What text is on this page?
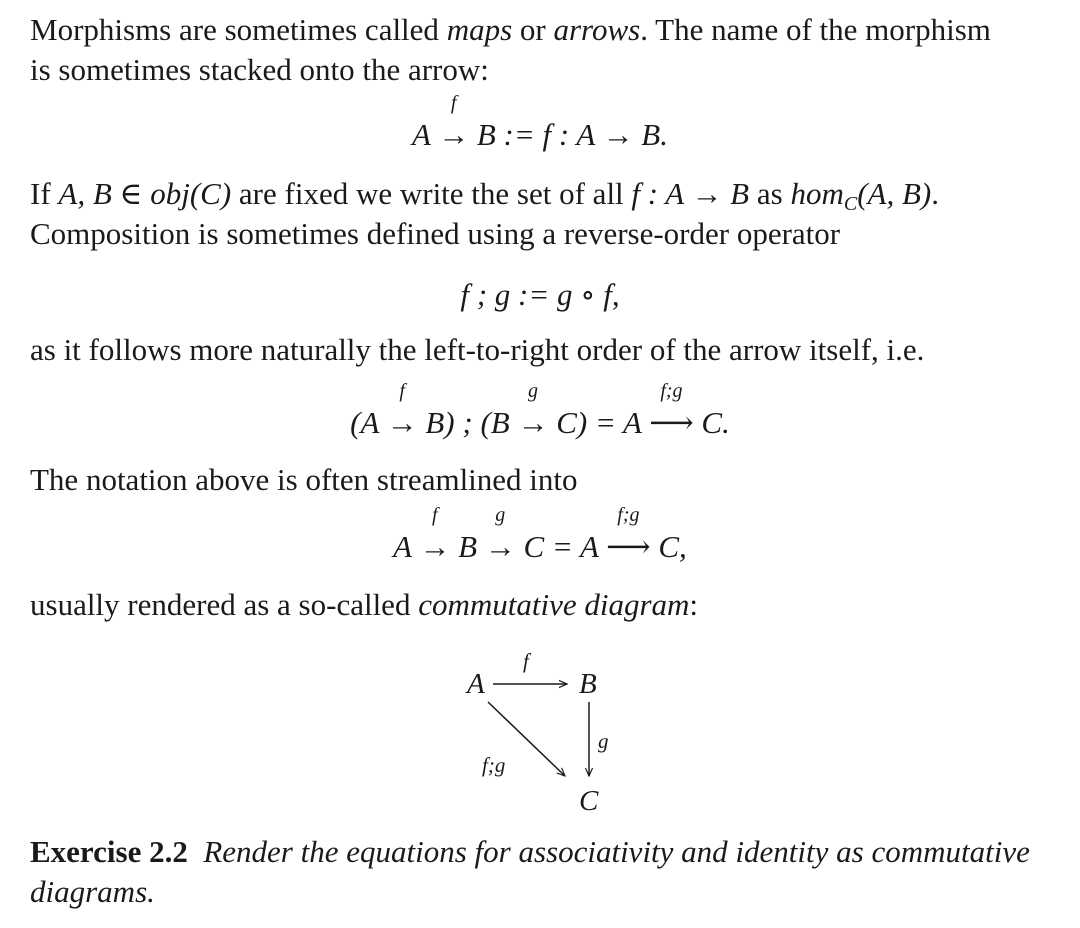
Morphisms are sometimes called maps or arrows. The name of the morphism
is sometimes stacked onto the arrow:
A
f
→ B := f : A → B.
If A, B ∈ obj(C) are fixed we write the set of all f : A → B as hom$_C$(A, B).
Composition is sometimes defined using a reverse-order operator
f ; g := g ∘ f,
as it follows more naturally the left-to-right order of the arrow itself, i.e.
(A
f
→ B) ; (B
g
→ C) = A
f;g
⟶ C.
The notation above is often streamlined into
A
f
→ B
g
→ C = A
f;g
⟶ C,
usually rendered as a so-called commutative diagram:
A	B
C
f
g
f;g
Exercise 2.2 Render the equations for associativity and identity as commutative
diagrams.
